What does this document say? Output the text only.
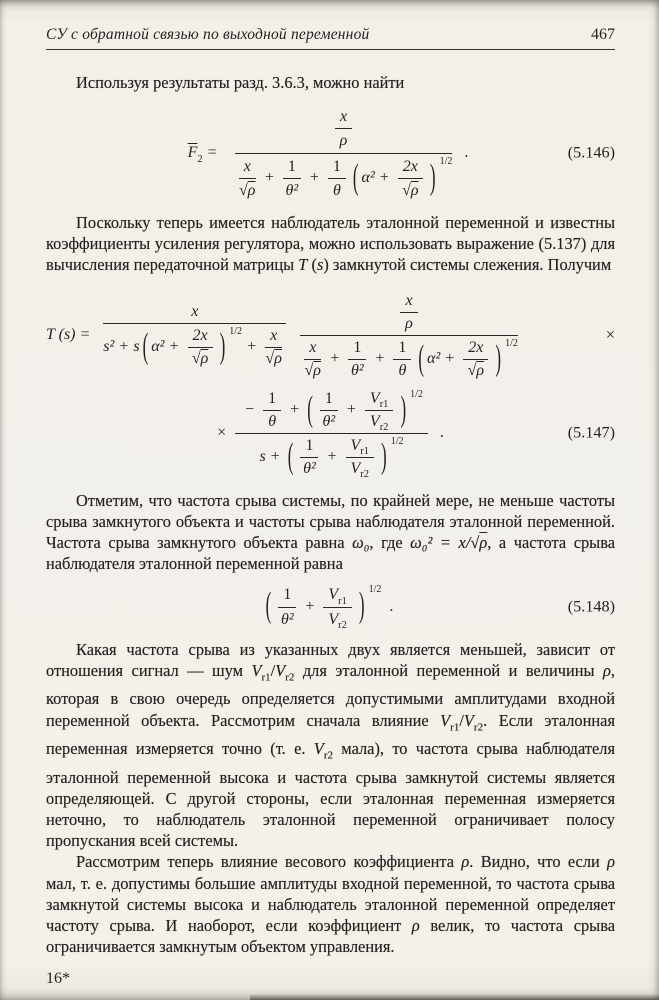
СУ с обратной связью по выходной переменной	467

Используя результаты разд. 3.6.3, можно найти

$\overline{F}_2$ =
x
ρ
x
√ ρ
+ $\frac{1}{\text{θ²}} + \frac{1}{\theta}$ ( $\alpha^2 + \frac{2x}{√ \rho}$ ) $^{1/2}$
.	(5.146)

Поскольку теперь имеется наблюдатель эталонной переменной и известны коэффициенты усиления регулятора, можно использовать выражение (5.137) для вычисления передаточной матрицы T (s) замкнутой системы слежения. Получим

T (s) =
x
s² + s ( $\alpha^2 + \frac{2x}{√ \rho}$ ) $^{1/2}$
+ $\frac{x}{√ \rho}$
x
ρ
x
√ ρ
+ $\frac{1}{\text{θ²}} + \frac{1}{\theta}$ ( $\alpha^2 + \frac{2x}{√ \rho}$ ) $^{1/2}$	×
×
− $\frac{1}{\theta}$ + ( 1
θ²
+ $\frac{V_{r1}}{V_{r2}}$ ) $^{1/2}$
s + ( 1
θ²
+ $\frac{V_{r1}}{V_{r2}}$ ) $^{1/2}$
.	(5.147)

Отметим, что частота срыва системы, по крайней мере, не меньше частоты срыва замкнутого объекта и частоты срыва наблюдателя эталонной переменной. Частота срыва замкнутого объекта равна ω₀, где ω₀² = x/√ρ, а частота срыва наблюдателя эталонной переменной равна

( 1
θ²
+ $\frac{V_{r1}}{V_{r2}}$ ) $^{1/2}$
.	(5.148)

Какая частота срыва из указанных двух является меньшей, зависит от отношения сигнал — шум $V_{r1}/V_{r2}$ для эталонной переменной и величины ρ, которая в свою очередь определяется допустимыми амплитудами входной переменной объекта. Рассмотрим сначала влияние $V_{r1}/V_{r2}$. Если эталонная переменная измеряется точно (т. е. $V_{r2}$ мала), то частота срыва наблюдателя эталонной переменной высока и частота срыва замкнутой системы является определяющей. С другой стороны, если эталонная переменная измеряется неточно, то наблюдатель эталонной переменной ограничивает полосу пропускания всей системы.

Рассмотрим теперь влияние весового коэффициента ρ. Видно, что если ρ мал, т. е. допустимы большие амплитуды входной переменной, то частота срыва замкнутой системы высока и наблюдатель эталонной переменной определяет частоту срыва. И наоборот, если коэффициент ρ велик, то частота срыва ограничивается замкнутым объектом управления.

16*
